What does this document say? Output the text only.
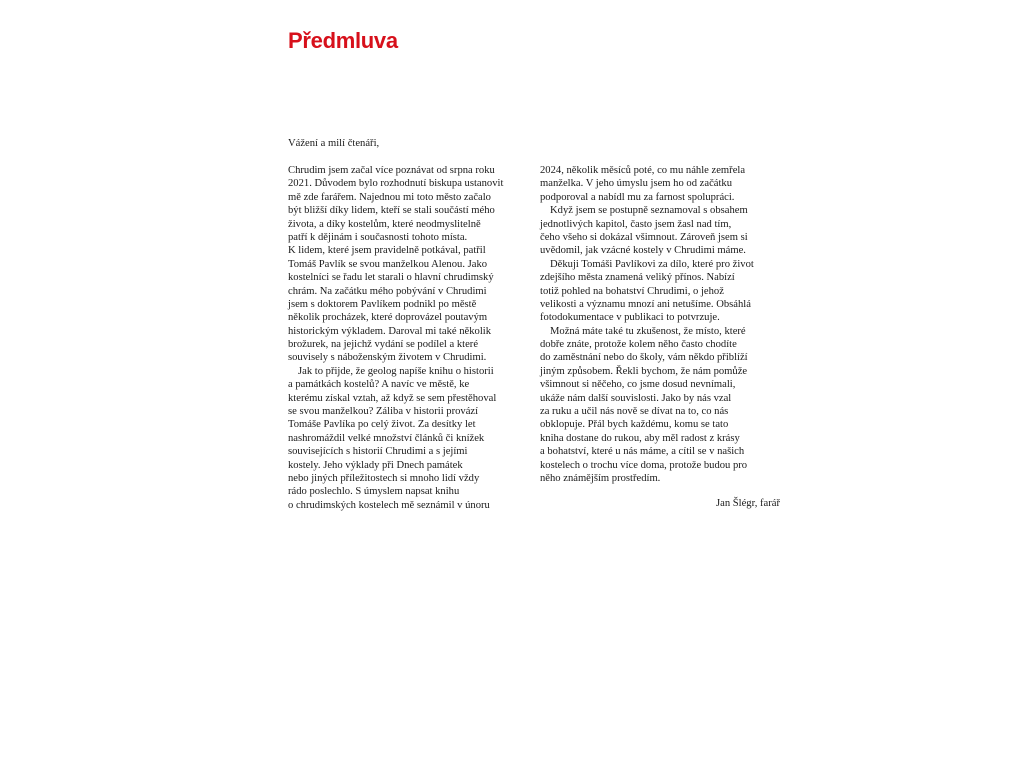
Předmluva

Vážení a milí čtenáři,

Chrudim jsem začal více poznávat od srpna roku
2021. Důvodem bylo rozhodnutí biskupa ustanovit
mě zde farářem. Najednou mi toto město začalo
být bližší díky lidem, kteří se stali součástí mého
života, a díky kostelům, které neodmyslitelně
patří k dějinám i současnosti tohoto místa.
K lidem, které jsem pravidelně potkával, patřil
Tomáš Pavlík se svou manželkou Alenou. Jako
kostelníci se řadu let starali o hlavní chrudimský
chrám. Na začátku mého pobývání v Chrudimi
jsem s doktorem Pavlíkem podnikl po městě
několik procházek, které doprovázel poutavým
historickým výkladem. Daroval mi také několik
brožurek, na jejichž vydání se podílel a které
souvisely s náboženským životem v Chrudimi.
Jak to přijde, že geolog napíše knihu o historii
a památkách kostelů? A navíc ve městě, ke
kterému získal vztah, až když se sem přestěhoval
se svou manželkou? Záliba v historii provází
Tomáše Pavlíka po celý život. Za desítky let
nashromáždil velké množství článků či knížek
souvisejících s historií Chrudimi a s jejími
kostely. Jeho výklady při Dnech památek
nebo jiných příležitostech si mnoho lidí vždy
rádo poslechlo. S úmyslem napsat knihu
o chrudimských kostelech mě seznámil v únoru
2024, několik měsíců poté, co mu náhle zemřela
manželka. V jeho úmyslu jsem ho od začátku
podporoval a nabídl mu za farnost spolupráci.
Když jsem se postupně seznamoval s obsahem
jednotlivých kapitol, často jsem žasl nad tím,
čeho všeho si dokázal všimnout. Zároveň jsem si
uvědomil, jak vzácné kostely v Chrudimi máme.
Děkuji Tomáši Pavlíkovi za dílo, které pro život
zdejšího města znamená veliký přínos. Nabízí
totiž pohled na bohatství Chrudimi, o jehož
velikosti a významu mnozí ani netušíme. Obsáhlá
fotodokumentace v publikaci to potvrzuje.
Možná máte také tu zkušenost, že místo, které
dobře znáte, protože kolem něho často chodíte
do zaměstnání nebo do školy, vám někdo přiblíží
jiným způsobem. Řekli bychom, že nám pomůže
všimnout si něčeho, co jsme dosud nevnímali,
ukáže nám další souvislosti. Jako by nás vzal
za ruku a učil nás nově se dívat na to, co nás
obklopuje. Přál bych každému, komu se tato
kniha dostane do rukou, aby měl radost z krásy
a bohatství, které u nás máme, a cítil se v našich
kostelech o trochu více doma, protože budou pro
něho známějším prostředím.

Jan Šlégr, farář
